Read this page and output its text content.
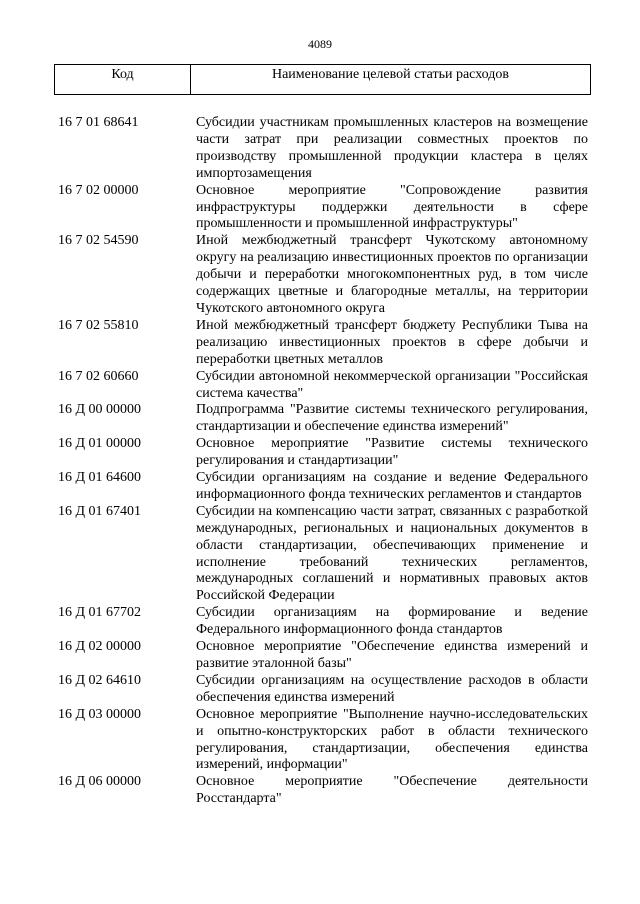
4089
Код	Наименование целевой статьи расходов
16 7 01 68641	Субсидии участникам промышленных кластеров на возмещение части затрат при реализации совместных проектов по производству промышленной продукции кластера в целях импортозамещения
16 7 02 00000	Основное мероприятие "Сопровождение развития инфраструктуры поддержки деятельности в сфере промышленности и промышленной инфраструктуры"
16 7 02 54590	Иной межбюджетный трансферт Чукотскому автономному округу на реализацию инвестиционных проектов по организации добычи и переработки многокомпонентных руд, в том числе содержащих цветные и благородные металлы, на территории Чукотского автономного округа
16 7 02 55810	Иной межбюджетный трансферт бюджету Республики Тыва на реализацию инвестиционных проектов в сфере добычи и переработки цветных металлов
16 7 02 60660	Субсидии автономной некоммерческой организации "Российская система качества"
16 Д 00 00000	Подпрограмма "Развитие системы технического регулирования, стандартизации и обеспечение единства измерений"
16 Д 01 00000	Основное мероприятие "Развитие системы технического регулирования и стандартизации"
16 Д 01 64600	Субсидии организациям на создание и ведение Федерального информационного фонда технических регламентов и стандартов
16 Д 01 67401	Субсидии на компенсацию части затрат, связанных с разработкой международных, региональных и национальных документов в области стандартизации, обеспечивающих применение и исполнение требований технических регламентов, международных соглашений и нормативных правовых актов Российской Федерации
16 Д 01 67702	Субсидии организациям на формирование и ведение Федерального информационного фонда стандартов
16 Д 02 00000	Основное мероприятие "Обеспечение единства измерений и развитие эталонной базы"
16 Д 02 64610	Субсидии организациям на осуществление расходов в области обеспечения единства измерений
16 Д 03 00000	Основное мероприятие "Выполнение научно-исследовательских и опытно-конструкторских работ в области технического регулирования, стандартизации, обеспечения единства измерений, информации"
16 Д 06 00000	Основное мероприятие "Обеспечение деятельности Росстандарта"
